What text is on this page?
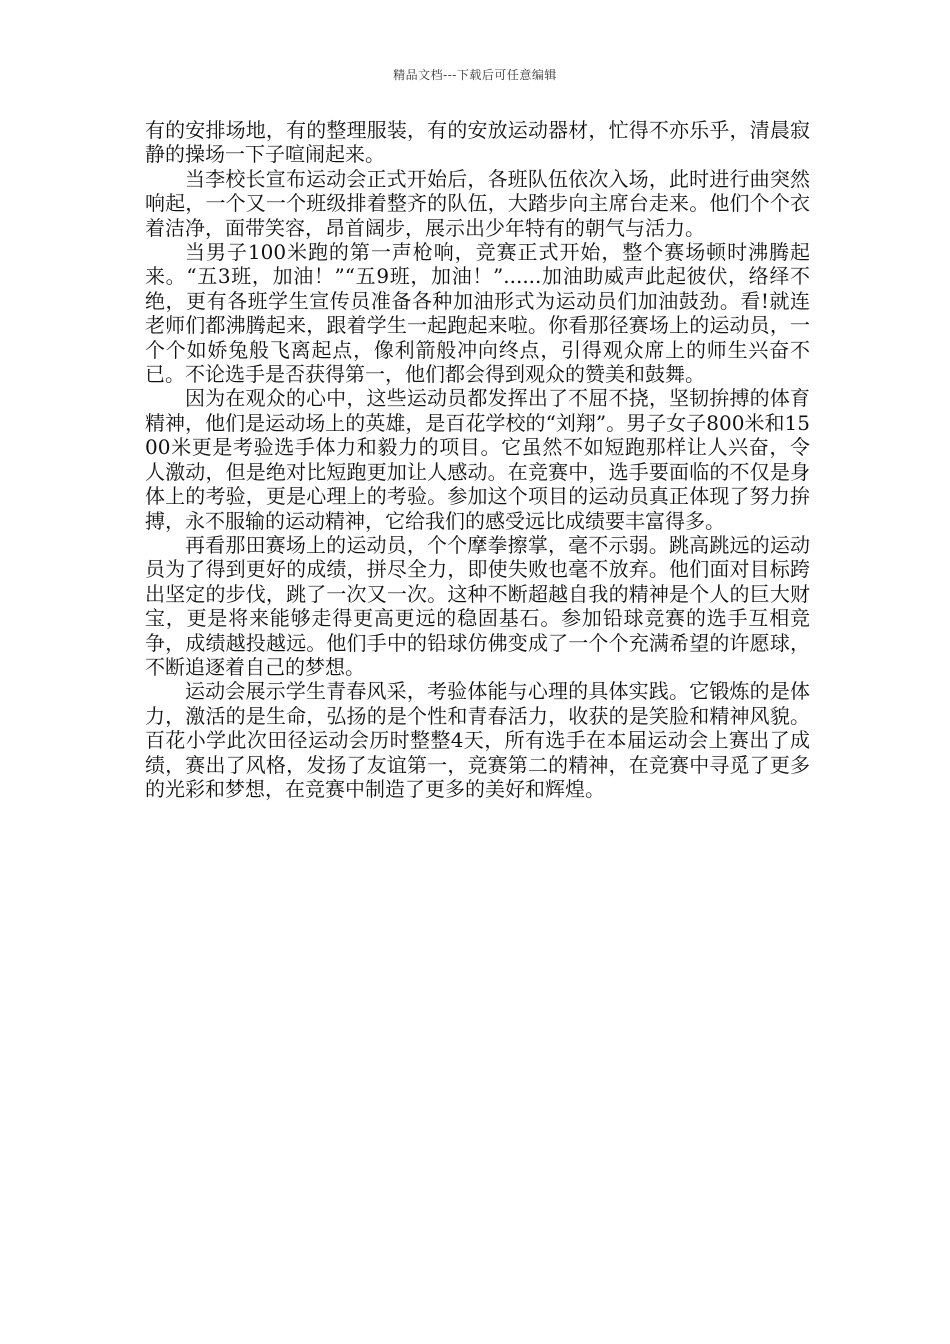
精品文档---下载后可任意编辑

有的安排场地，有的整理服装，有的安放运动器材，忙得不亦乐乎，清晨寂静的操场一下子喧闹起来。

当李校长宣布运动会正式开始后，各班队伍依次入场，此时进行曲突然响起，一个又一个班级排着整齐的队伍，大踏步向主席台走来。他们个个衣着洁净，面带笑容，昂首阔步，展示出少年特有的朝气与活力。

当男子100米跑的第一声枪响，竞赛正式开始，整个赛场顿时沸腾起来。“五3班，加油！”“五9班，加油！”......加油助威声此起彼伏，络绎不绝，更有各班学生宣传员准备各种加油形式为运动员们加油鼓劲。看!就连老师们都沸腾起来，跟着学生一起跑起来啦。你看那径赛场上的运动员，一个个如娇兔般飞离起点，像利箭般冲向终点，引得观众席上的师生兴奋不已。不论选手是否获得第一，他们都会得到观众的赞美和鼓舞。

因为在观众的心中，这些运动员都发挥出了不屈不挠，坚韧拚搏的体育精神，他们是运动场上的英雄，是百花学校的“刘翔”。男子女子800米和1500米更是考验选手体力和毅力的项目。它虽然不如短跑那样让人兴奋，令人激动，但是绝对比短跑更加让人感动。在竞赛中，选手要面临的不仅是身体上的考验，更是心理上的考验。参加这个项目的运动员真正体现了努力拚搏，永不服输的运动精神，它给我们的感受远比成绩要丰富得多。

再看那田赛场上的运动员，个个摩拳擦掌，毫不示弱。跳高跳远的运动员为了得到更好的成绩，拼尽全力，即使失败也毫不放弃。他们面对目标跨出坚定的步伐，跳了一次又一次。这种不断超越自我的精神是个人的巨大财宝，更是将来能够走得更高更远的稳固基石。参加铅球竞赛的选手互相竞争，成绩越投越远。他们手中的铅球仿佛变成了一个个充满希望的许愿球，不断追逐着自己的梦想。

运动会展示学生青春风采，考验体能与心理的具体实践。它锻炼的是体力，激活的是生命，弘扬的是个性和青春活力，收获的是笑脸和精神风貌。百花小学此次田径运动会历时整整4天，所有选手在本届运动会上赛出了成绩，赛出了风格，发扬了友谊第一，竞赛第二的精神，在竞赛中寻觅了更多的光彩和梦想，在竞赛中制造了更多的美好和辉煌。
